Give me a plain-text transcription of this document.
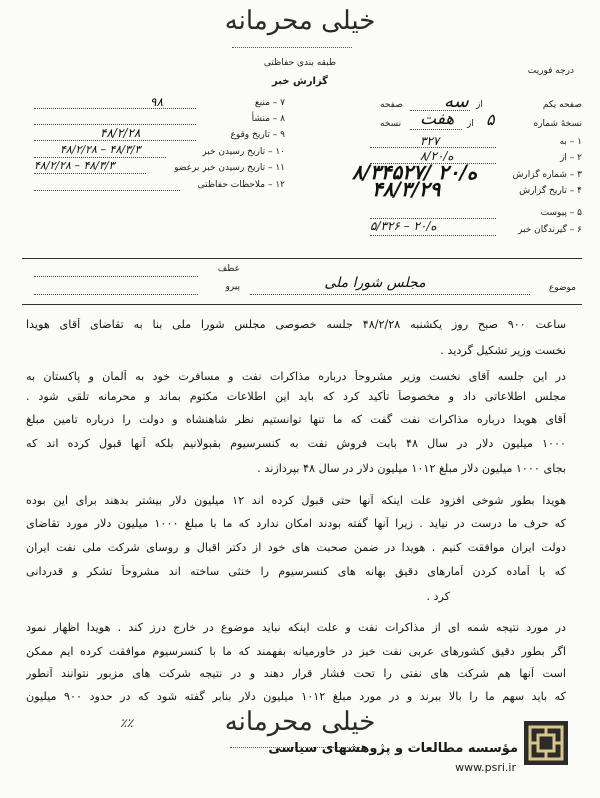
خیلی محرمانه
طبقه بندی حفاظتی
گزارش خبر
درجه فوریت
صفحه یکم
سه از
صفحه
نسخهٔ شماره
۵
از
هفت
نسخه
۱ – به
۳۲۷
۲ – از
۸/ه/۲۰
۳ – شماره گزارش
۸/ه/۲۰ /۳۴۵۲۷
۴ – تاریخ گزارش
۴۸/۳/۲۹
۵ – پیوست
۶ – گیرندگان خبر
۵/ه/۲۰ – ۳۲۶
۷ – منبع
۹۸
۸ – منشأ
۹ – تاریخ وقوع
۴۸/۲/۲۸
۱۰ – تاریخ رسیدن خبر
۴۸/۲/۲۸ – ۴۸/۳/۳
۱۱ – تاریخ رسیدن خبر برعضو
۴۸/۲/۲۸ – ۴۸/۳/۳
۱۲ – ملاحظات حفاظتی
موضوع
مجلس شورا ملی
عطف
پیرو
ساعت ۹۰۰ صبح روز یکشنبه ۴۸/۲/۲۸ جلسه خصوصی مجلس شورا ملی بنا به تقاضای آقای هویدا
نخست وزیر تشکیل گردید .
در این جلسه آقای نخست وزیر مشروحاً درباره مذاکرات نفت و مسافرت خود به آلمان و پاکستان به
مجلس اطلاعاتی داد و مخصوصاً تأکید کرد که باید این اطلاعات مکتوم بماند و محرمانه تلقی شود .
آقای هویدا درباره مذاکرات نفت گفت که ما تنها توانستیم نظر شاهنشاه و دولت را درباره تامین مبلغ
۱۰۰۰ میلیون دلار در سال ۴۸ بابت فروش نفت به کنسرسیوم بقبولانیم بلکه آنها قبول کرده اند که
بجای ۱۰۰۰ میلیون دلار مبلغ ۱۰۱۲ میلیون دلار در سال ۴۸ بپردازند .
هویدا بطور شوخی افزود علت اینکه آنها حتی قبول کرده اند ۱۲ میلیون دلار بیشتر بدهند برای این بوده
که حرف ما درست در نیاید . زیرا آنها گفته بودند امکان ندارد که ما با مبلغ ۱۰۰۰ میلیون دلار مورد تقاضای
دولت ایران موافقت کنیم . هویدا در ضمن صحبت های خود از دکتر اقبال و روسای شرکت ملی نفت ایران
که با آماده کردن آمارهای دقیق بهانه های کنسرسیوم را خنثی ساخته اند مشروحاً تشکر و قدردانی
کرد .
در مورد نتیجه شمه ای از مذاکرات نفت و علت اینکه نباید موضوع در خارج درز کند . هویدا اظهار نمود
اگر بطور دقیق کشورهای عربی نفت خیز در خاورمیانه بفهمند که ما با کنسرسیوم موافقت کرده ایم ممکن
است آنها هم شرکت های نفتی را تحت فشار قرار دهند و در نتیجه شرکت های مزبور نتوانند آنطور
که باید سهم ما را بالا ببرند و در مورد مبلغ ۱۰۱۲ میلیون دلار بنابر گفته شود که در حدود ۹۰۰ میلیون
خیلی محرمانه
٪٪
مؤسسه مطالعات و پژوهشهای سیاسی
www.psri.ir
